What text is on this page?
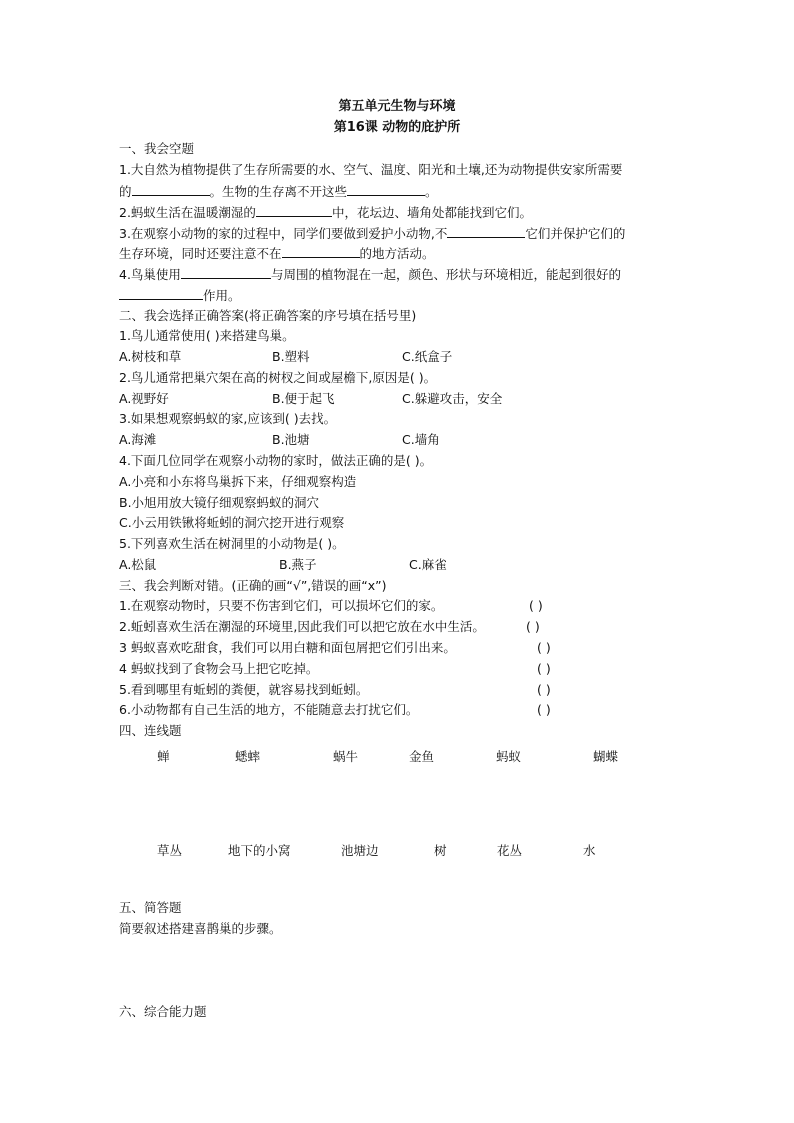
第五单元生物与环境
第16课 动物的庇护所
一、我会空题
1.大自然为植物提供了生存所需要的水、空气、温度、阳光和土壤,还为动物提供安家所需要
的	。生物的生存离不开这些	。
2.蚂蚁生活在温暖潮湿的	中，花坛边、墙角处都能找到它们。
3.在观察小动物的家的过程中，同学们要做到爱护小动物,不	它们并保护它们的
生存环境，同时还要注意不在	的地方活动。
4.鸟巢使用	与周围的植物混在一起，颜色、形状与环境相近，能起到很好的
作用。
二、我会选择正确答案(将正确答案的序号填在括号里)
1.鸟儿通常使用( )来搭建鸟巢。
A.树枝和草	B.塑料	C.纸盒子
2.鸟儿通常把巢穴架在高的树杈之间或屋檐下,原因是( )。
A.视野好	B.便于起飞	C.躲避攻击，安全
3.如果想观察蚂蚁的家,应该到( )去找。
A.海滩	B.池塘	C.墙角
4.下面几位同学在观察小动物的家时，做法正确的是( )。
A.小亮和小东将鸟巢拆下来，仔细观察构造
B.小旭用放大镜仔细观察蚂蚁的洞穴
C.小云用铁锹将蚯蚓的洞穴挖开进行观察
5.下列喜欢生活在树洞里的小动物是( )。
A.松鼠	B.燕子	C.麻雀
三、我会判断对错。(正确的画“√”,错误的画“x”)
1.在观察动物时，只要不伤害到它们，可以损坏它们的家。	( )
2.蚯蚓喜欢生活在潮湿的环境里,因此我们可以把它放在水中生活。	( )
3 蚂蚁喜欢吃甜食，我们可以用白糖和面包屑把它们引出来。	( )
4 蚂蚁找到了食物会马上把它吃掉。	( )
5.看到哪里有蚯蚓的粪便，就容易找到蚯蚓。	( )
6.小动物都有自己生活的地方，不能随意去打扰它们。	( )
四、连线题
蝉	蟋蟀	蜗牛	金鱼	蚂蚁	蝴蝶
草丛	地下的小窝	池塘边	树	花丛	水
五、简答题
简要叙述搭建喜鹊巢的步骤。
六、综合能力题
